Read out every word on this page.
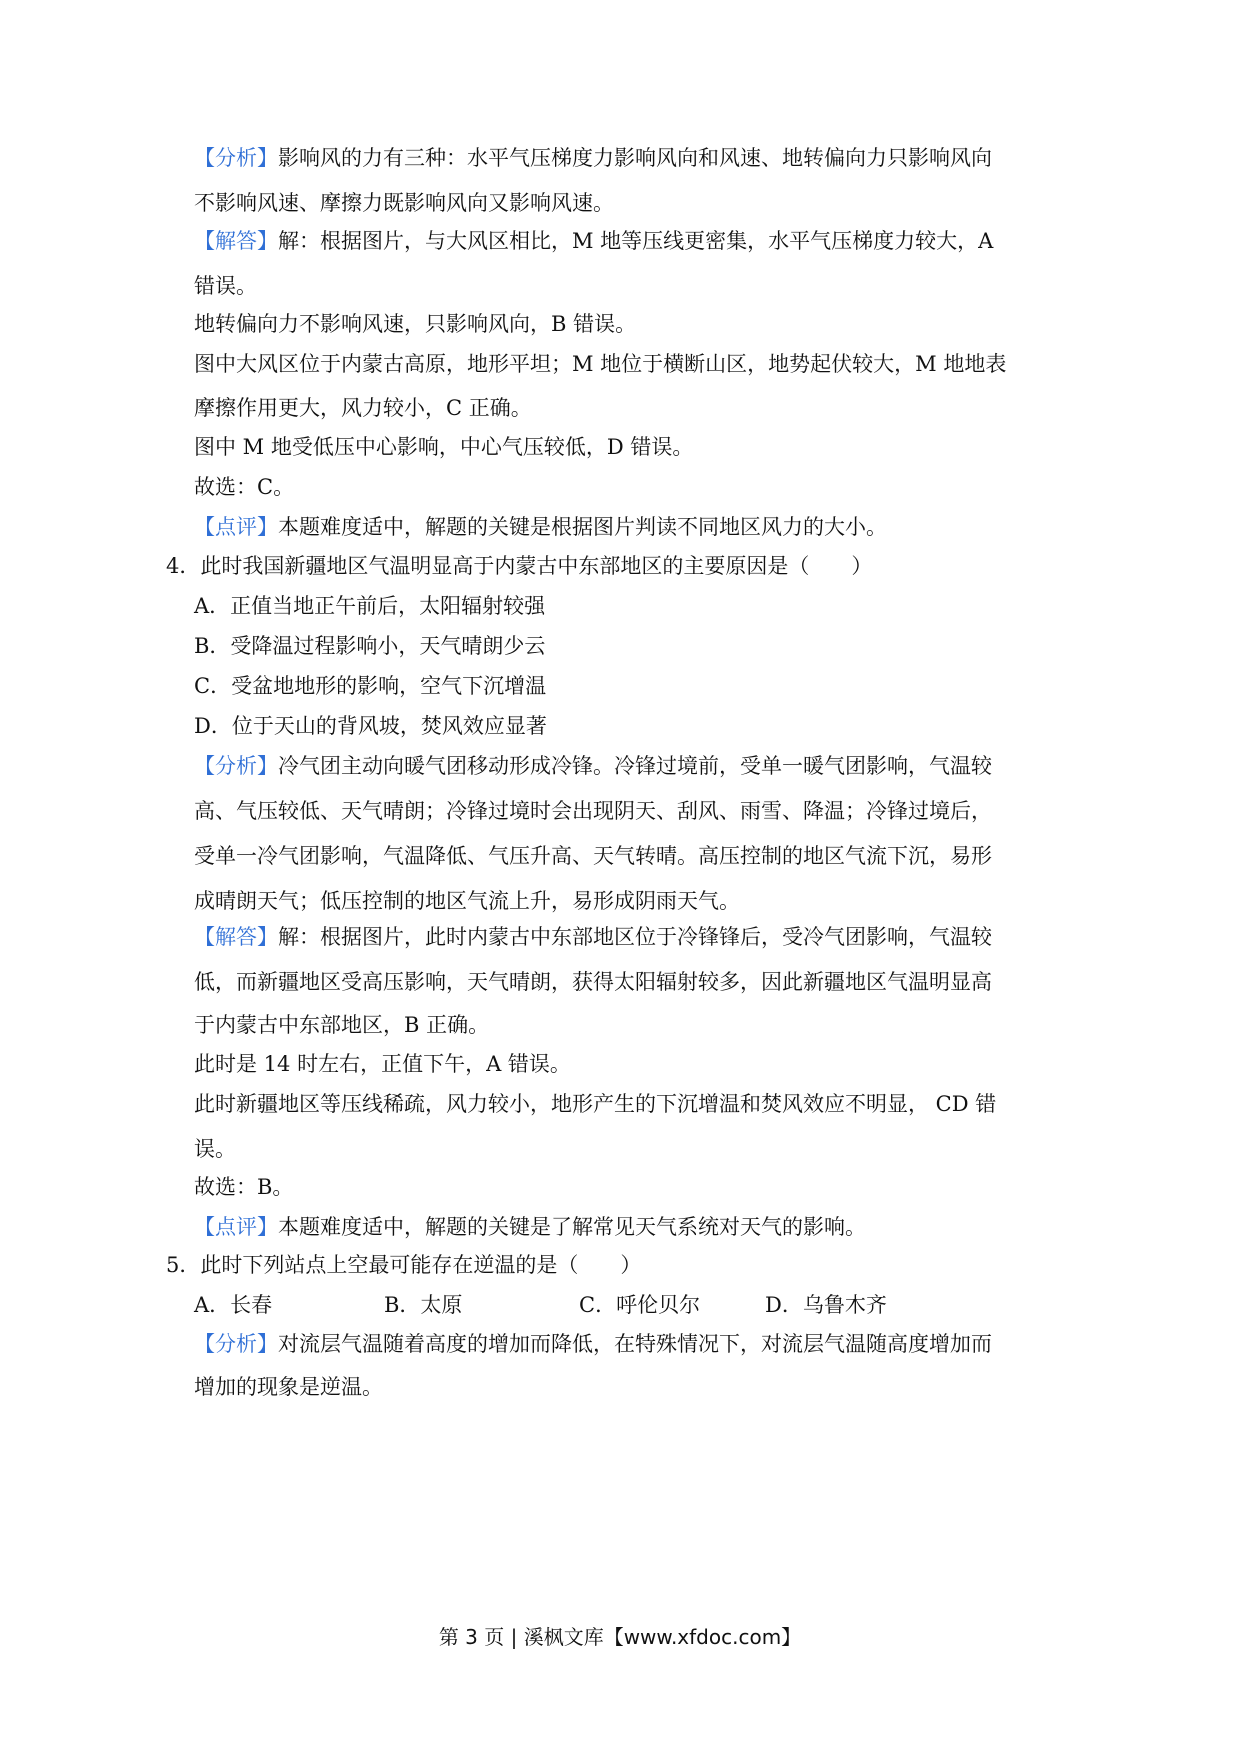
【分析】影响风的力有三种：水平气压梯度力影响风向和风速、地转偏向力只影响风向
不影响风速、摩擦力既影响风向又影响风速。
【解答】解：根据图片，与大风区相比，M 地等压线更密集，水平气压梯度力较大，A
错误。
地转偏向力不影响风速，只影响风向，B 错误。
图中大风区位于内蒙古高原，地形平坦；M 地位于横断山区，地势起伏较大，M 地地表
摩擦作用更大，风力较小，C 正确。
图中 M 地受低压中心影响，中心气压较低，D 错误。
故选：C。
【点评】本题难度适中，解题的关键是根据图片判读不同地区风力的大小。
4．此时我国新疆地区气温明显高于内蒙古中东部地区的主要原因是（　　）
A．正值当地正午前后，太阳辐射较强
B．受降温过程影响小，天气晴朗少云
C．受盆地地形的影响，空气下沉增温
D．位于天山的背风坡，焚风效应显著
【分析】冷气团主动向暖气团移动形成冷锋。冷锋过境前，受单一暖气团影响，气温较
高、气压较低、天气晴朗；冷锋过境时会出现阴天、刮风、雨雪、降温；冷锋过境后，
受单一冷气团影响，气温降低、气压升高、天气转晴。高压控制的地区气流下沉，易形
成晴朗天气；低压控制的地区气流上升，易形成阴雨天气。
【解答】解：根据图片，此时内蒙古中东部地区位于冷锋锋后，受冷气团影响，气温较
低，而新疆地区受高压影响，天气晴朗，获得太阳辐射较多，因此新疆地区气温明显高
于内蒙古中东部地区，B 正确。
此时是 14 时左右，正值下午，A 错误。
此时新疆地区等压线稀疏，风力较小，地形产生的下沉增温和焚风效应不明显， CD 错
误。
故选：B。
【点评】本题难度适中，解题的关键是了解常见天气系统对天气的影响。
5．此时下列站点上空最可能存在逆温的是（　　）
A．长春	B．太原	C．呼伦贝尔	D．乌鲁木齐
【分析】对流层气温随着高度的增加而降低，在特殊情况下，对流层气温随高度增加而
增加的现象是逆温。
第 3 页 | 溪枫文库【www.xfdoc.com】
